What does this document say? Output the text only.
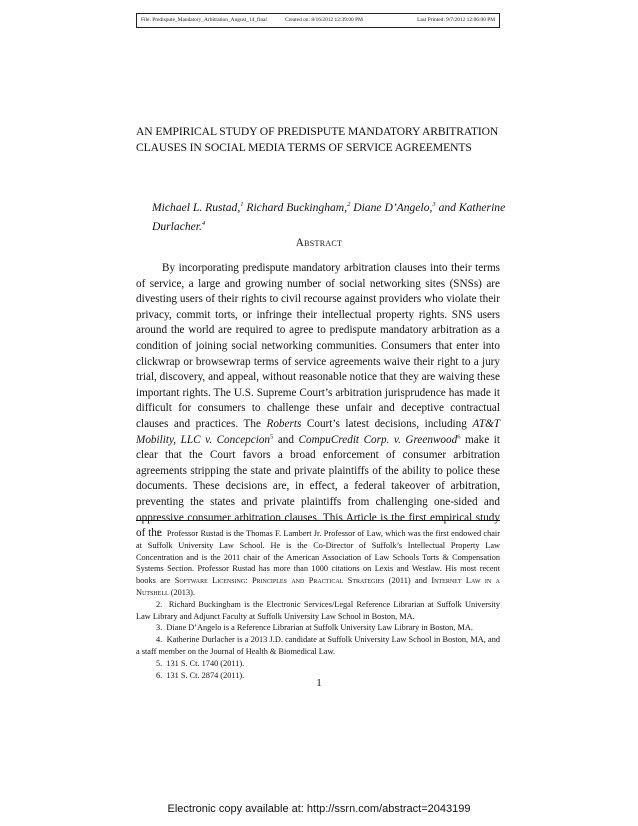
File: Predispute_Mandatory_Arbitration_August_14_final	Created on: 8/16/2012 12:39:00 PM	Last Printed: 9/7/2012 12:06:00 PM
AN EMPIRICAL STUDY OF PREDISPUTE MANDATORY ARBITRATION CLAUSES IN SOCIAL MEDIA TERMS OF SERVICE AGREEMENTS
Michael L. Rustad,$^1$ Richard Buckingham,$^2$ Diane D’Angelo,$^3$ and Katherine Durlacher.$^4$
Abstract

By incorporating predispute mandatory arbitration clauses into their terms of service, a large and growing number of social networking sites (SNSs) are divesting users of their rights to civil recourse against providers who violate their privacy, commit torts, or infringe their intellectual property rights. SNS users around the world are required to agree to predispute mandatory arbitration as a condition of joining social networking communities. Consumers that enter into clickwrap or browsewrap terms of service agreements waive their right to a jury trial, discovery, and appeal, without reasonable notice that they are waiving these important rights. The U.S. Supreme Court’s arbitration jurisprudence has made it difficult for consumers to challenge these unfair and deceptive contractual clauses and practices. The Roberts Court’s latest decisions, including AT&T Mobility, LLC v. Concepcion$^5$ and CompuCredit Corp. v. Greenwood$^6$ make it clear that the Court favors a broad enforcement of consumer arbitration agreements stripping the state and private plaintiffs of the ability to police these documents. These decisions are, in effect, a federal takeover of arbitration, preventing the states and private plaintiffs from challenging one-sided and oppressive consumer arbitration clauses. This Article is the first empirical study of the

1.  Professor Rustad is the Thomas F. Lambert Jr. Professor of Law, which was the first endowed chair at Suffolk University Law School. He is the Co-Director of Suffolk’s Intellectual Property Law Concentration and is the 2011 chair of the American Association of Law Schools Torts & Compensation Systems Section. Professor Rustad has more than 1000 citations on Lexis and Westlaw. His most recent books are Software Licensing: Principles and Practical Strategies (2011) and Internet Law in a Nutshell (2013).

2.  Richard Buckingham is the Electronic Services/Legal Reference Librarian at Suffolk University Law Library and Adjunct Faculty at Suffolk University Law School in Boston, MA.

3.  Diane D’Angelo is a Reference Librarian at Suffolk University Law Library in Boston, MA.

4.  Katherine Durlacher is a 2013 J.D. candidate at Suffolk University Law School in Boston, MA, and a staff member on the Journal of Health & Biomedical Law.

5.  131 S. Ct. 1740 (2011).

6.  131 S. Ct. 2874 (2011).

1
Electronic copy available at: http://ssrn.com/abstract=2043199
